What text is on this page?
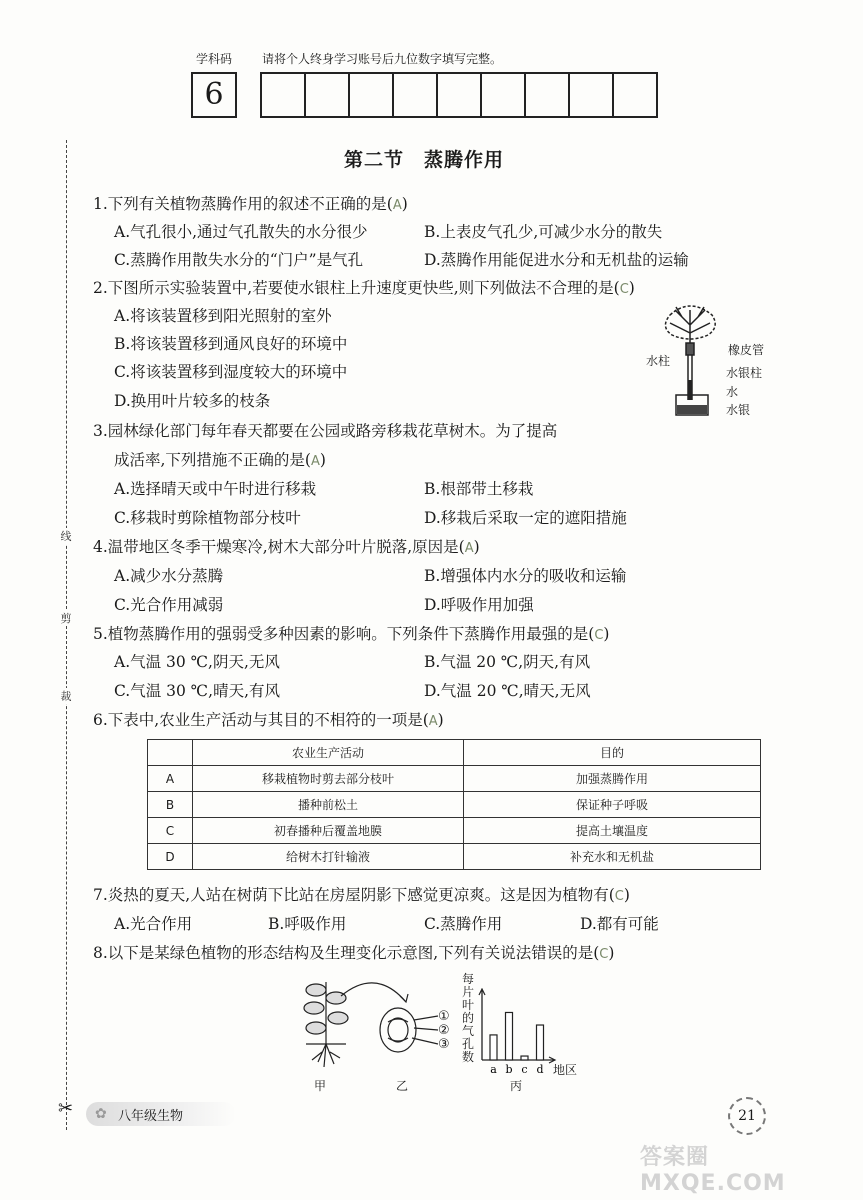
学科码 请将个人终身学习账号后九位数字填写完整。
6
线
剪
裁
✂
第二节　蒸腾作用
1.下列有关植物蒸腾作用的叙述不正确的是(A)
A.气孔很小,通过气孔散失的水分很少	B.上表皮气孔少,可减少水分的散失
C.蒸腾作用散失水分的“门户”是气孔	D.蒸腾作用能促进水分和无机盐的运输
2.下图所示实验装置中,若要使水银柱上升速度更快些,则下列做法不合理的是(C)
A.将该装置移到阳光照射的室外
B.将该装置移到通风良好的环境中
C.将该装置移到湿度较大的环境中
D.换用叶片较多的枝条
橡皮管
水柱
水银柱
水
水银
3.园林绿化部门每年春天都要在公园或路旁移栽花草树木。为了提高
成活率,下列措施不正确的是(A)
A.选择晴天或中午时进行移栽	B.根部带土移栽
C.移栽时剪除植物部分枝叶	D.移栽后采取一定的遮阳措施
4.温带地区冬季干燥寒冷,树木大部分叶片脱落,原因是(A)
A.减少水分蒸腾	B.增强体内水分的吸收和运输
C.光合作用减弱	D.呼吸作用加强
5.植物蒸腾作用的强弱受多种因素的影响。下列条件下蒸腾作用最强的是(C)
A.气温 30 ℃,阴天,无风	B.气温 20 ℃,阴天,有风
C.气温 30 ℃,晴天,有风	D.气温 20 ℃,晴天,无风
6.下表中,农业生产活动与其目的不相符的一项是(A)
	农业生产活动	目的
A	移栽植物时剪去部分枝叶	加强蒸腾作用
B	播种前松土	保证种子呼吸
C	初春播种后覆盖地膜	提高土壤温度
D	给树木打针输液	补充水和无机盐
7.炎热的夏天,人站在树荫下比站在房屋阴影下感觉更凉爽。这是因为植物有(C)
A.光合作用	B.呼吸作用	C.蒸腾作用	D.都有可能
8.以下是某绿色植物的形态结构及生理变化示意图,下列有关说法错误的是(C)
①
②
③
甲	乙	丙
每
片
叶
的
气
孔
数
a b c d 地区
✿ 八年级生物	21
答案圈 MXQE.COM
